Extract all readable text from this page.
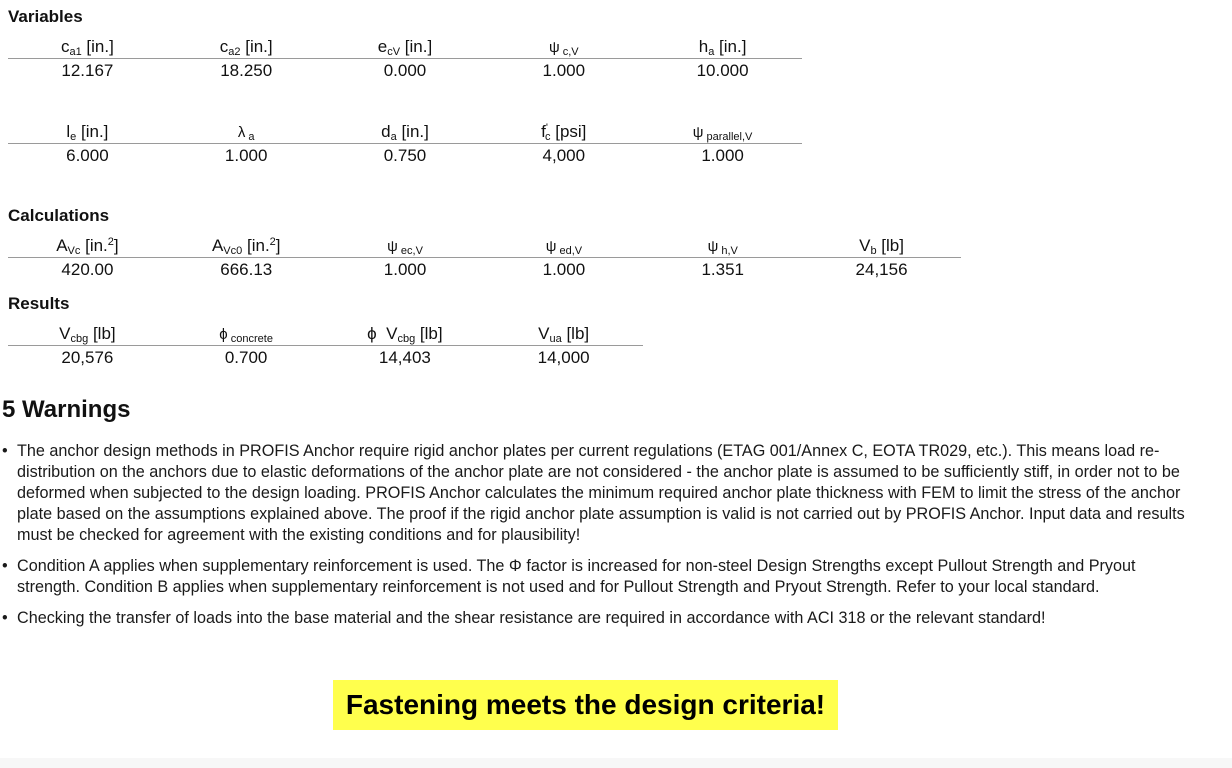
Variables
$c_{a1}$ [in.]	$c_{a2}$ [in.]	$e_{cV}$ [in.]	ψ $_{c,V}$	$h_a$ [in.]
12.167	18.250	0.000	1.000	10.000
$l_e$ [in.]	λ $_a$	$d_a$ [in.]	$f'_c$ [psi]	ψ $_{parallel,V}$
6.000	1.000	0.750	4,000	1.000
Calculations
$A_{Vc}$ [in.$^2$]	$A_{Vc0}$ [in.$^2$]	ψ $_{ec,V}$	ψ $_{ed,V}$	ψ $_{h,V}$	$V_b$ [lb]
420.00	666.13	1.000	1.000	1.351	24,156
Results
$V_{cbg}$ [lb]	ϕ $_{concrete}$	ϕ  $V_{cbg}$ [lb]	$V_{ua}$ [lb]
20,576	0.700	14,403	14,000
5 Warnings
• The anchor design methods in PROFIS Anchor require rigid anchor plates per current regulations (ETAG 001/Annex C, EOTA TR029, etc.). This means load re-distribution on the anchors due to elastic deformations of the anchor plate are not considered - the anchor plate is assumed to be sufficiently stiff, in order not to be deformed when subjected to the design loading. PROFIS Anchor calculates the minimum required anchor plate thickness with FEM to limit the stress of the anchor plate based on the assumptions explained above. The proof if the rigid anchor plate assumption is valid is not carried out by PROFIS Anchor. Input data and results must be checked for agreement with the existing conditions and for plausibility!
• Condition A applies when supplementary reinforcement is used. The Φ factor is increased for non-steel Design Strengths except Pullout Strength and Pryout strength. Condition B applies when supplementary reinforcement is not used and for Pullout Strength and Pryout Strength. Refer to your local standard.
• Checking the transfer of loads into the base material and the shear resistance are required in accordance with ACI 318 or the relevant standard!
Fastening meets the design criteria!
